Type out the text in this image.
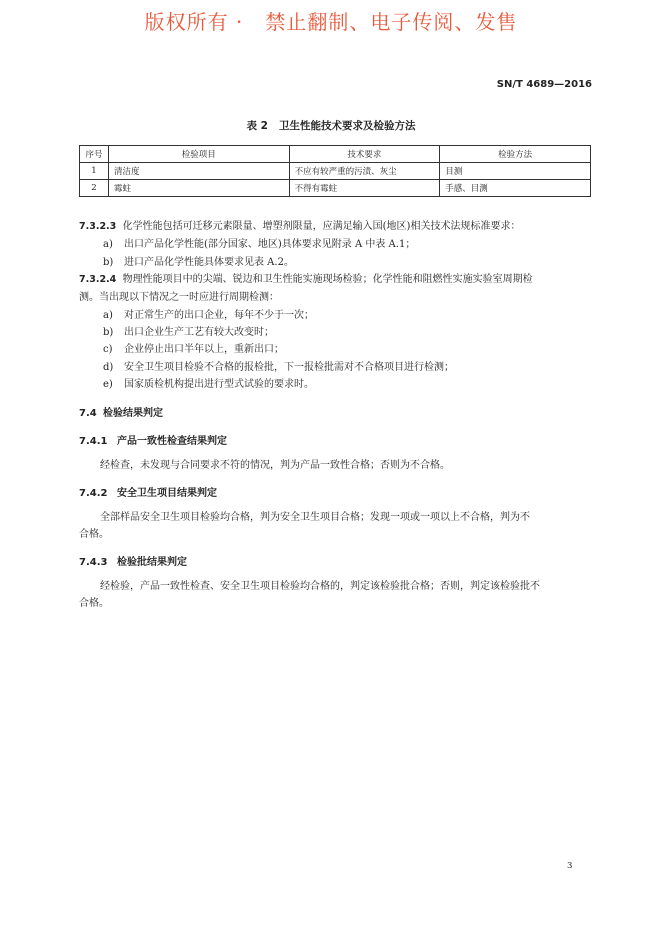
版权所有 ·   禁止翻制、电子传阅、发售
SN/T 4689—2016
表 2   卫生性能技术要求及检验方法
序号	检验项目	技术要求	检验方法
1	清洁度	不应有较严重的污渍、灰尘	目测
2	霉蛀	不得有霉蛀	手感、目测
7.3.2.3 化学性能包括可迁移元素限量、增塑剂限量，应满足输入国(地区)相关技术法规标准要求：
a) 出口产品化学性能(部分国家、地区)具体要求见附录 A 中表 A.1；
b) 进口产品化学性能具体要求见表 A.2。
7.3.2.4 物理性能项目中的尖端、锐边和卫生性能实施现场检验；化学性能和阻燃性实施实验室周期检
测。当出现以下情况之一时应进行周期检测：
a) 对正常生产的出口企业，每年不少于一次；
b) 出口企业生产工艺有较大改变时；
c) 企业停止出口半年以上，重新出口；
d) 安全卫生项目检验不合格的报检批，下一报检批需对不合格项目进行检测；
e) 国家质检机构提出进行型式试验的要求时。
7.4 检验结果判定
7.4.1 产品一致性检查结果判定
经检查，未发现与合同要求不符的情况，判为产品一致性合格；否则为不合格。
7.4.2 安全卫生项目结果判定
全部样品安全卫生项目检验均合格，判为安全卫生项目合格；发现一项或一项以上不合格，判为不
合格。
7.4.3 检验批结果判定
经检验，产品一致性检查、安全卫生项目检验均合格的，判定该检验批合格；否则，判定该检验批不
合格。
3
